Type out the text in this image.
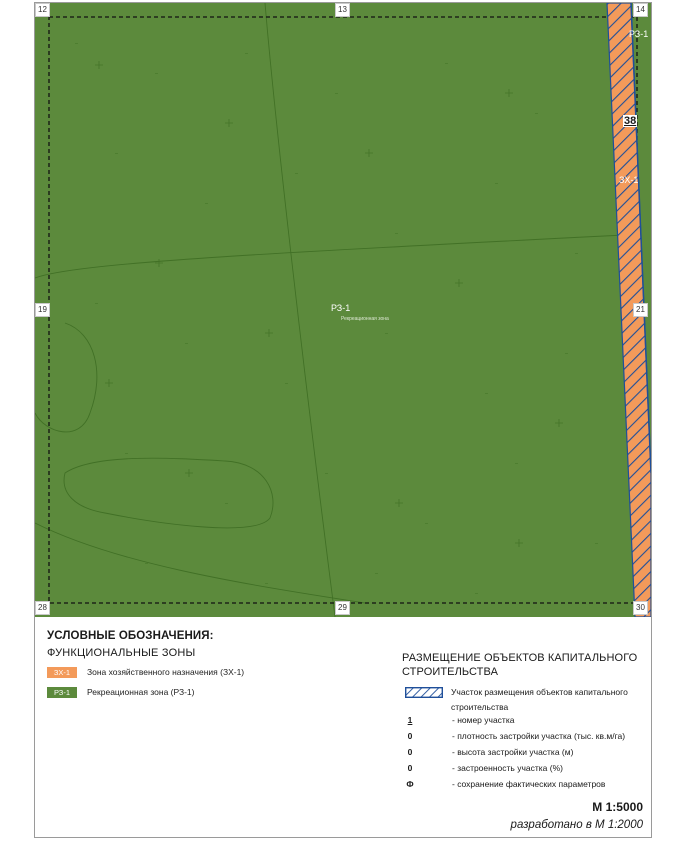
12	13	14
19	21
28	29	30
РЗ-1
Рекреационная зона
РЗ-1
38
ЗХ-1
УСЛОВНЫЕ ОБОЗНАЧЕНИЯ:
ФУНКЦИОНАЛЬНЫЕ ЗОНЫ
ЗХ-1	Зона хозяйственного назначения (ЗХ-1)
РЗ-1	Рекреационная зона (РЗ-1)
РАЗМЕЩЕНИЕ ОБЪЕКТОВ КАПИТАЛЬНОГО СТРОИТЕЛЬСТВА
Участок размещения объектов капитального строительства
1	- номер участка
0	- плотность застройки участка (тыс. кв.м/га)
0	- высота застройки участка (м)
0	- застроенность участка (%)
Ф	- сохранение фактических параметров
М 1:5000
разработано в М 1:2000
